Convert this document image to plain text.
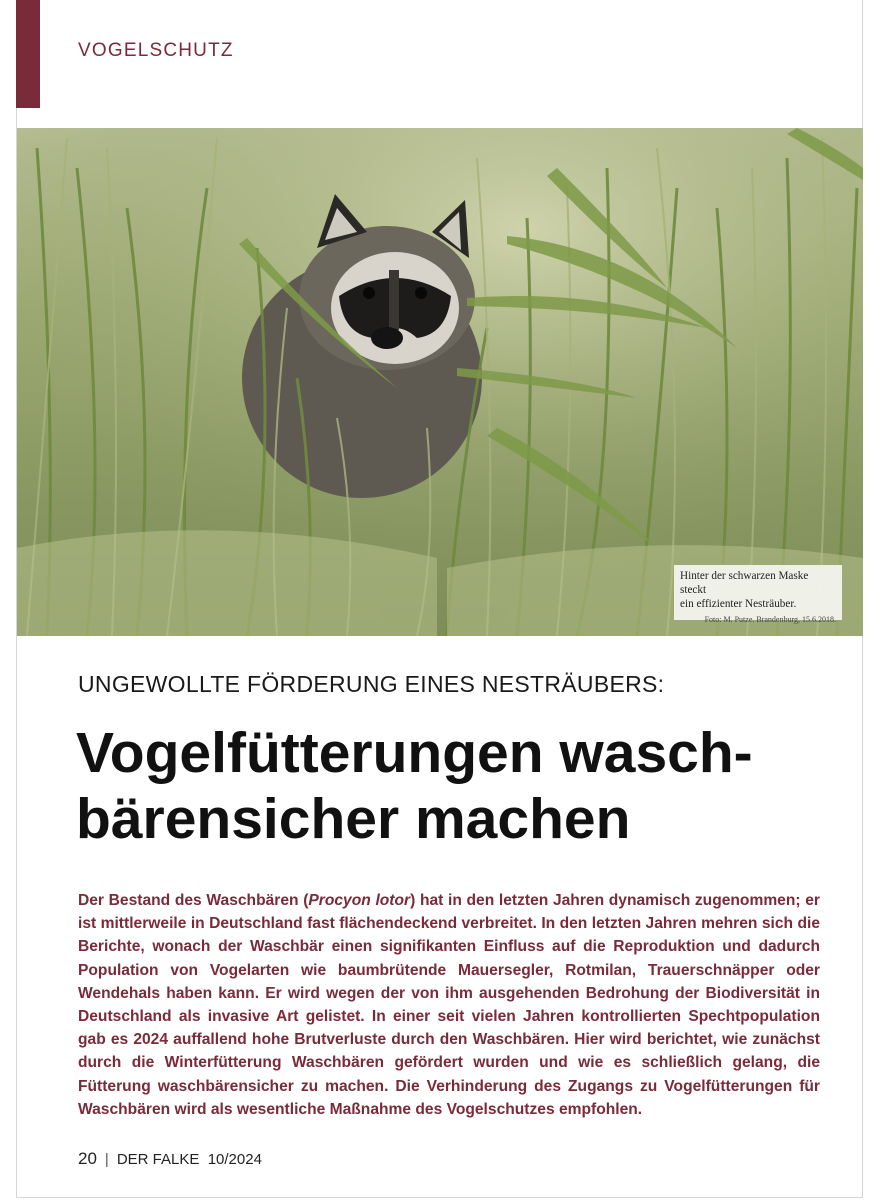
VOGELSCHUTZ
Hinter der schwarzen Maske steckt
ein effizienter Nesträuber.
Foto: M. Putze. Brandenburg, 15.6.2018.
UNGEWOLLTE FÖRDERUNG EINES NESTRÄUBERS:
Vogelfütterungen wasch-
bärensicher machen
Der Bestand des Waschbären (Procyon lotor) hat in den letzten Jahren dynamisch zugenommen; er ist mittlerweile in Deutschland fast flächendeckend verbreitet. In den letzten Jahren mehren sich die Berichte, wonach der Waschbär einen signifikanten Einfluss auf die Reproduktion und dadurch Population von Vogelarten wie baumbrütende Mauersegler, Rotmilan, Trauerschnäpper oder Wendehals haben kann. Er wird wegen der von ihm ausgehenden Bedrohung der Biodiversität in Deutschland als invasive Art gelistet. In einer seit vielen Jahren kontrollierten Spechtpopulation gab es 2024 auffallend hohe Brutverluste durch den Waschbären. Hier wird berichtet, wie zunächst durch die Winterfütterung Waschbären gefördert wurden und wie es schließlich gelang, die Fütterung waschbärensicher zu machen. Die Verhinderung des Zugangs zu Vogelfütterungen für Waschbären wird als wesentliche Maßnahme des Vogelschutzes empfohlen.
20 | DER FALKE 10/2024
